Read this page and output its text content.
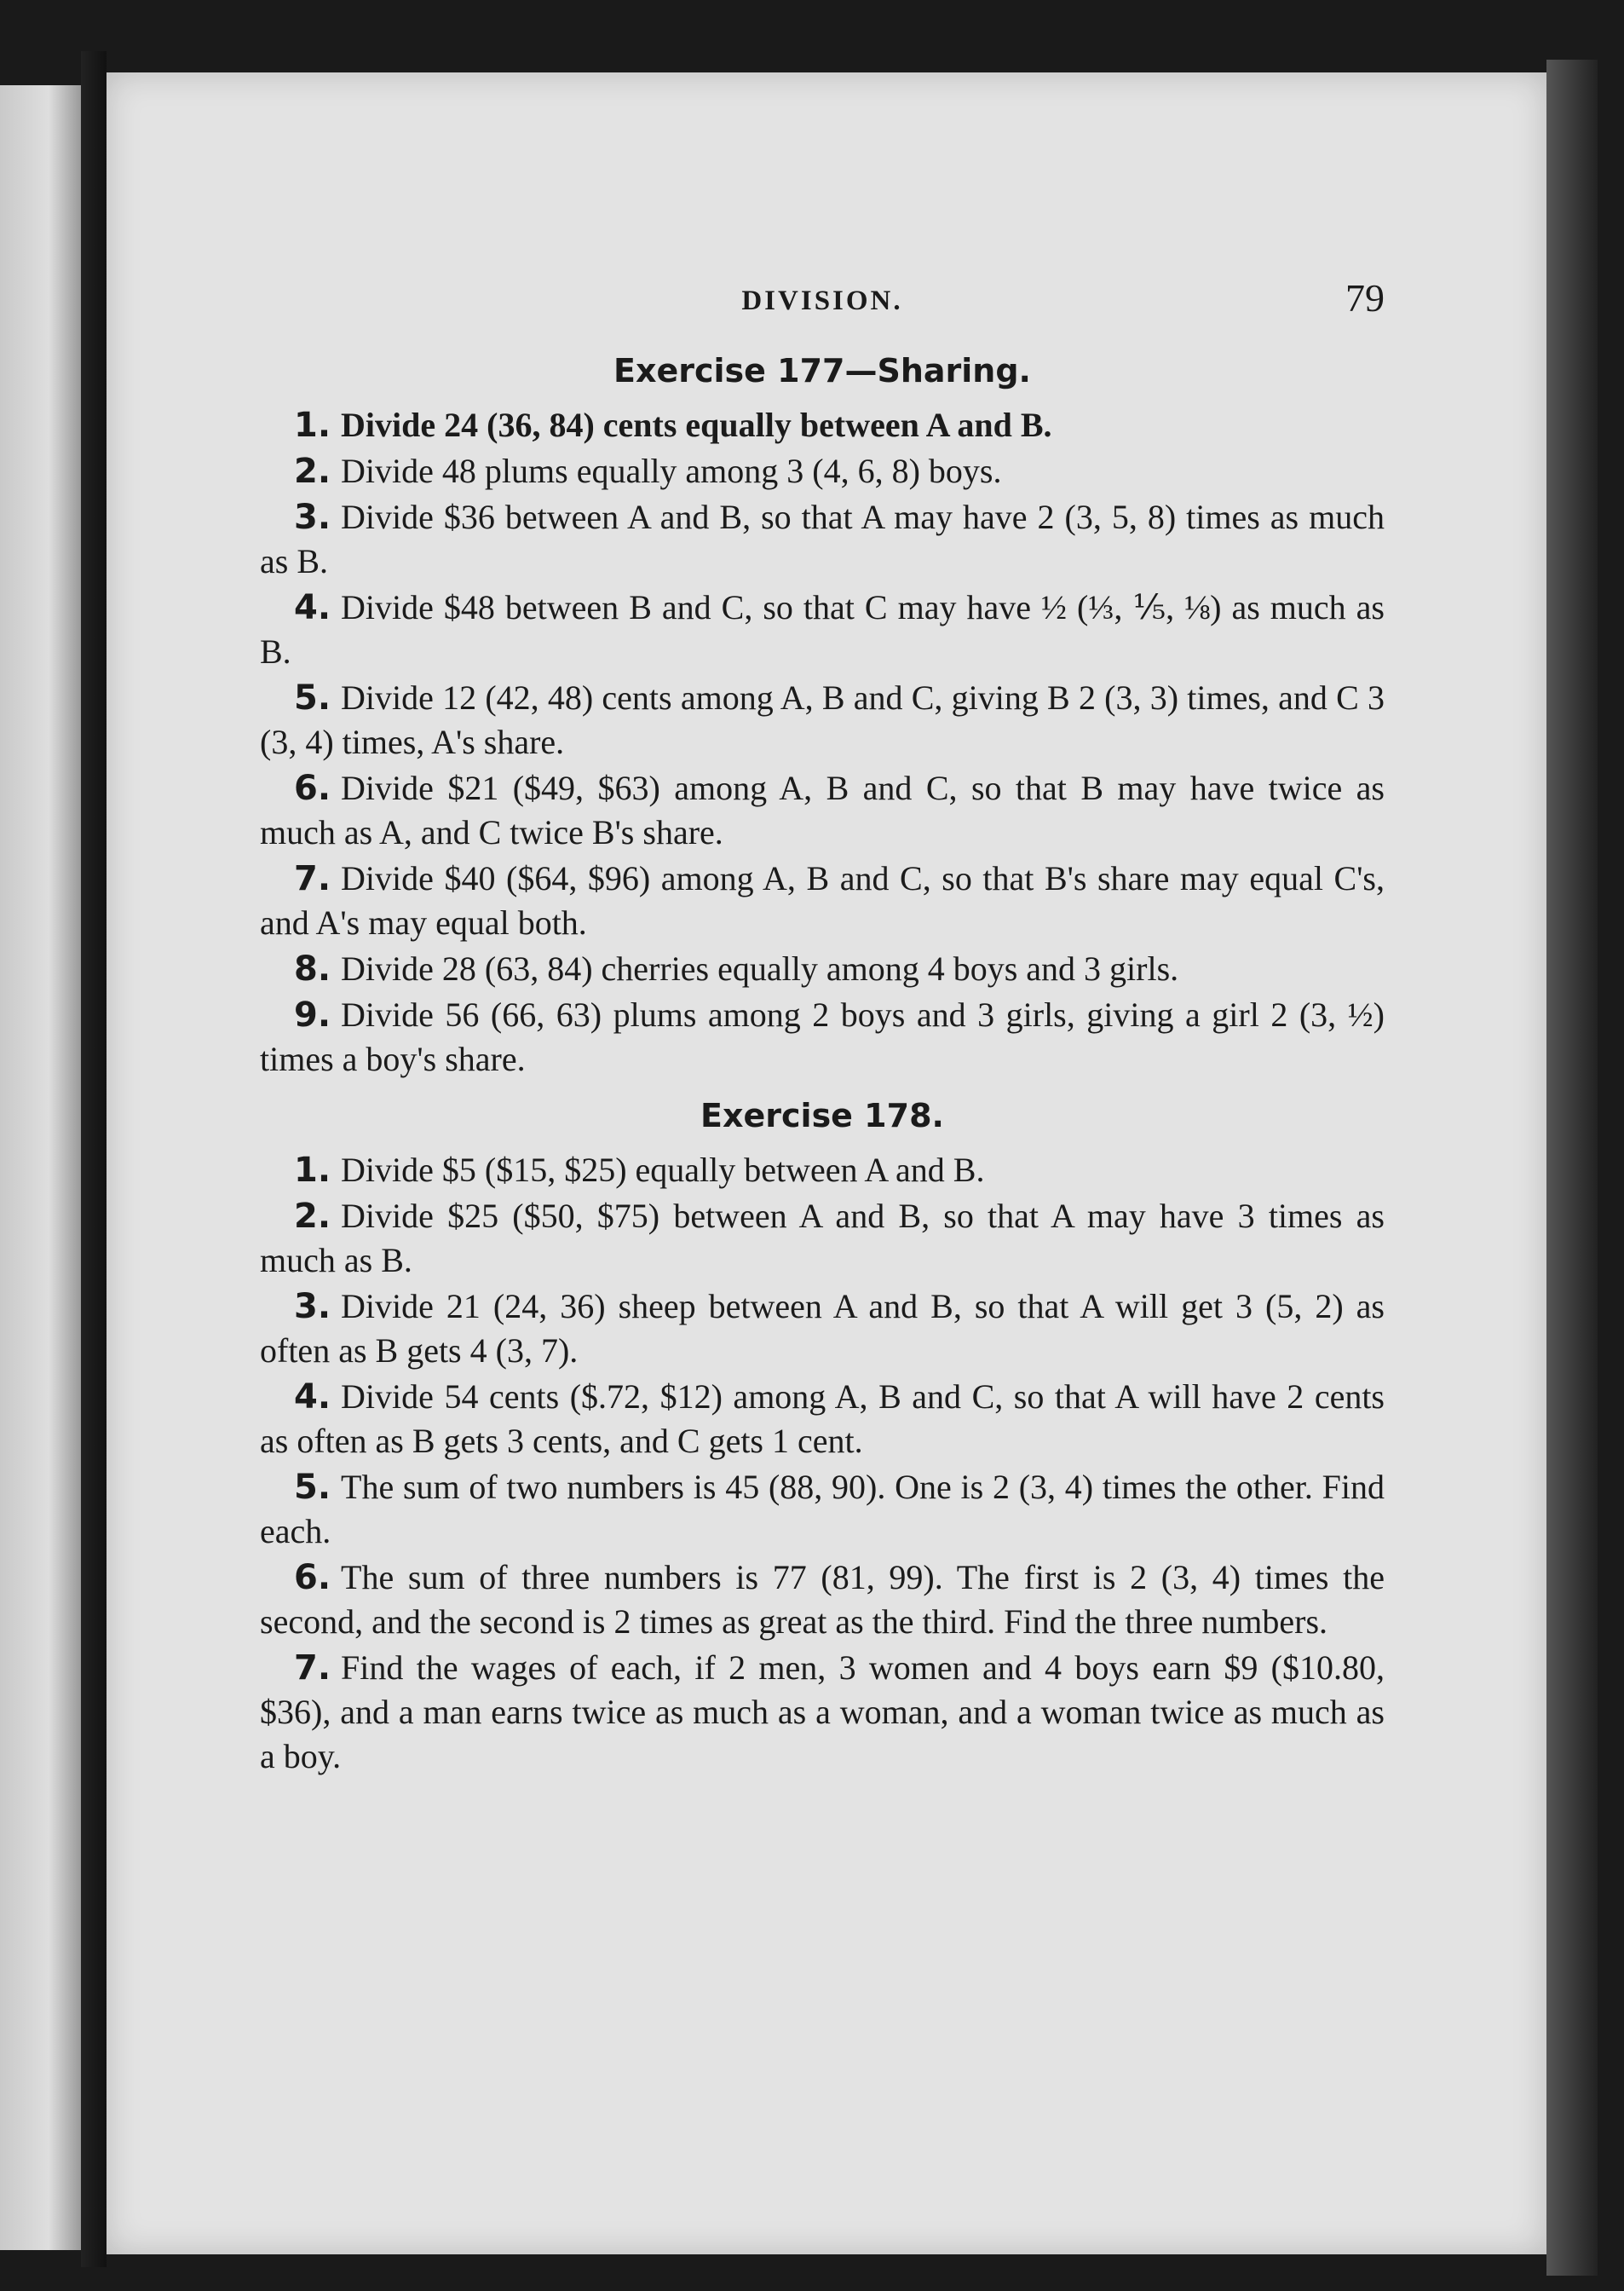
DIVISION.	79
Exercise 177—Sharing.

1. Divide 24 (36, 84) cents equally between A and B.

2. Divide 48 plums equally among 3 (4, 6, 8) boys.

3. Divide $36 between A and B, so that A may have 2 (3, 5, 8) times as much as B.

4. Divide $48 between B and C, so that C may have ½ (⅓, ⅕, ⅛) as much as B.

5. Divide 12 (42, 48) cents among A, B and C, giving B 2 (3, 3) times, and C 3 (3, 4) times, A's share.

6. Divide $21 ($49, $63) among A, B and C, so that B may have twice as much as A, and C twice B's share.

7. Divide $40 ($64, $96) among A, B and C, so that B's share may equal C's, and A's may equal both.

8. Divide 28 (63, 84) cherries equally among 4 boys and 3 girls.

9. Divide 56 (66, 63) plums among 2 boys and 3 girls, giving a girl 2 (3, ½) times a boy's share.

Exercise 178.

1. Divide $5 ($15, $25) equally between A and B.

2. Divide $25 ($50, $75) between A and B, so that A may have 3 times as much as B.

3. Divide 21 (24, 36) sheep between A and B, so that A will get 3 (5, 2) as often as B gets 4 (3, 7).

4. Divide 54 cents ($.72, $12) among A, B and C, so that A will have 2 cents as often as B gets 3 cents, and C gets 1 cent.

5. The sum of two numbers is 45 (88, 90). One is 2 (3, 4) times the other. Find each.

6. The sum of three numbers is 77 (81, 99). The first is 2 (3, 4) times the second, and the second is 2 times as great as the third. Find the three numbers.

7. Find the wages of each, if 2 men, 3 women and 4 boys earn $9 ($10.80, $36), and a man earns twice as much as a woman, and a woman twice as much as a boy.
